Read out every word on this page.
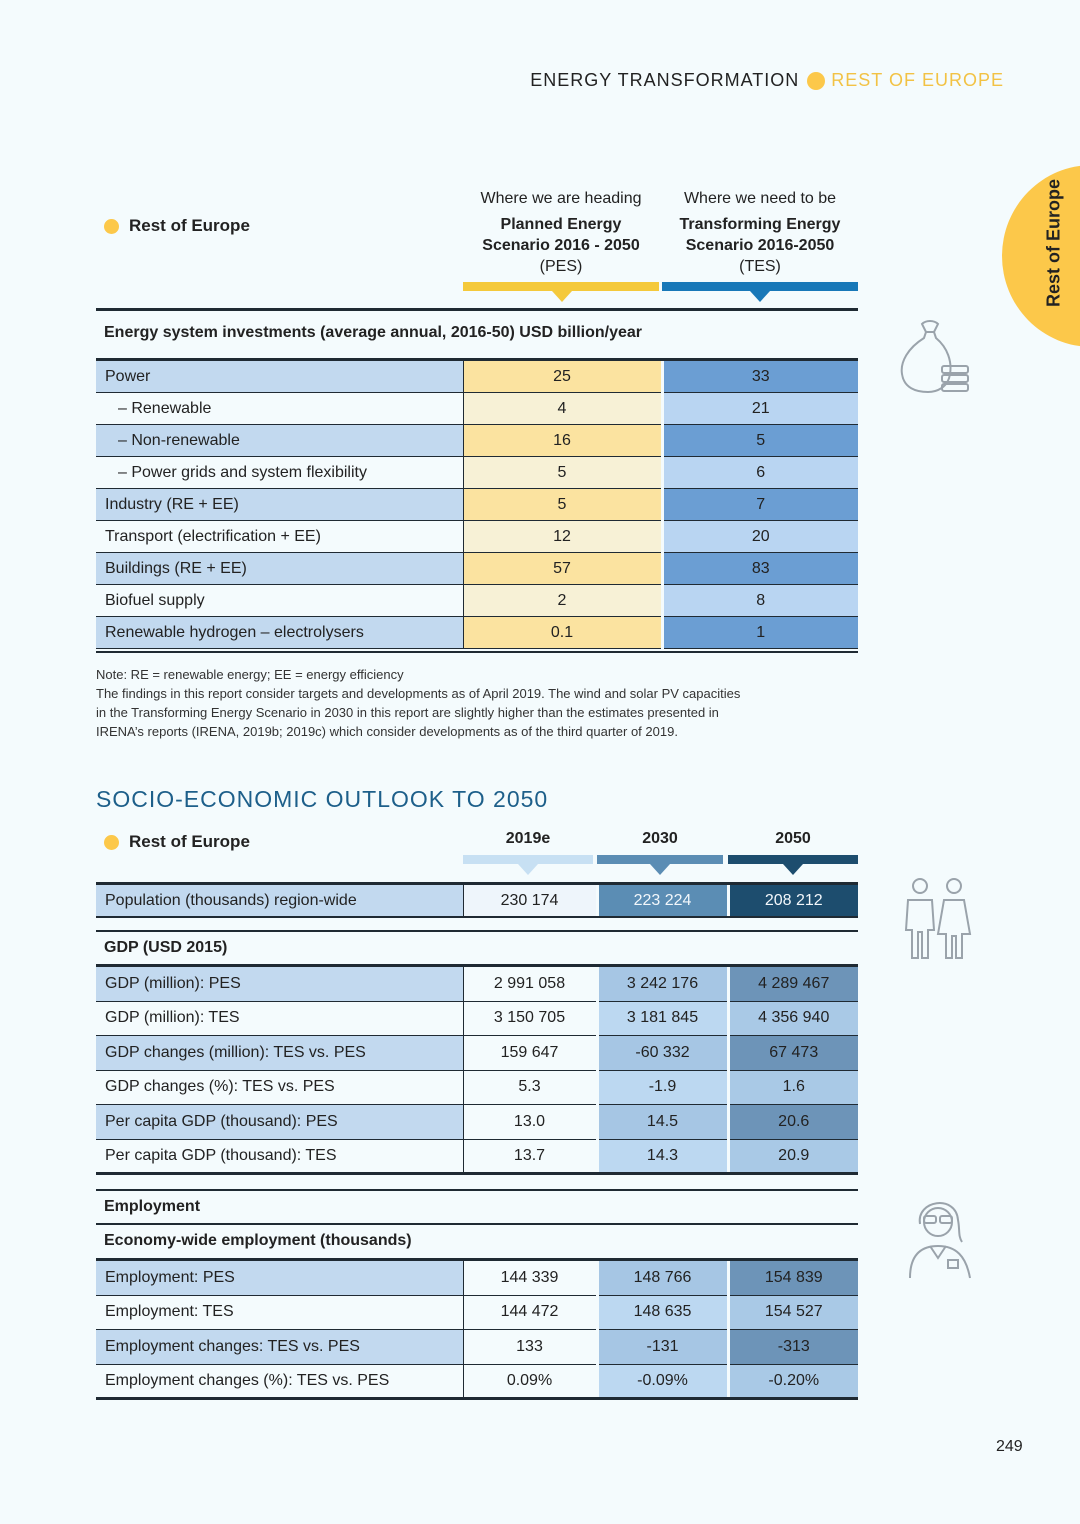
ENERGY TRANSFORMATION REST OF EUROPE
Rest of Europe
Rest of Europe
Where we are heading
Planned Energy
Scenario 2016 - 2050
(PES)
Where we need to be
Transforming Energy
Scenario 2016-2050
(TES)
Energy system investments (average annual, 2016-50) USD billion/year
Power	25	33
– Renewable	4	21
– Non-renewable	16	5
– Power grids and system flexibility	5	6
Industry (RE + EE)	5	7
Transport (electrification + EE)	12	20
Buildings (RE + EE)	57	83
Biofuel supply	2	8
Renewable hydrogen – electrolysers	0.1	1
Note: RE = renewable energy; EE = energy efficiency
The findings in this report consider targets and developments as of April 2019. The wind and solar PV capacities
in the Transforming Energy Scenario in 2030 in this report are slightly higher than the estimates presented in
IRENA’s reports (IRENA, 2019b; 2019c) which consider developments as of the third quarter of 2019.
SOCIO-ECONOMIC OUTLOOK TO 2050
Rest of Europe	2019e	2030	2050
Population (thousands) region-wide	230 174	223 224	208 212
GDP (USD 2015)
GDP (million): PES	2 991 058	3 242 176	4 289 467
GDP (million): TES	3 150 705	3 181 845	4 356 940
GDP changes (million): TES vs. PES	159 647	-60 332	67 473
GDP changes (%): TES vs. PES	5.3	-1.9	1.6
Per capita GDP (thousand): PES	13.0	14.5	20.6
Per capita GDP (thousand): TES	13.7	14.3	20.9
Employment
Economy-wide employment (thousands)
Employment: PES	144 339	148 766	154 839
Employment: TES	144 472	148 635	154 527
Employment changes: TES vs. PES	133	-131	-313
Employment changes (%): TES vs. PES	0.09%	-0.09%	-0.20%
249
